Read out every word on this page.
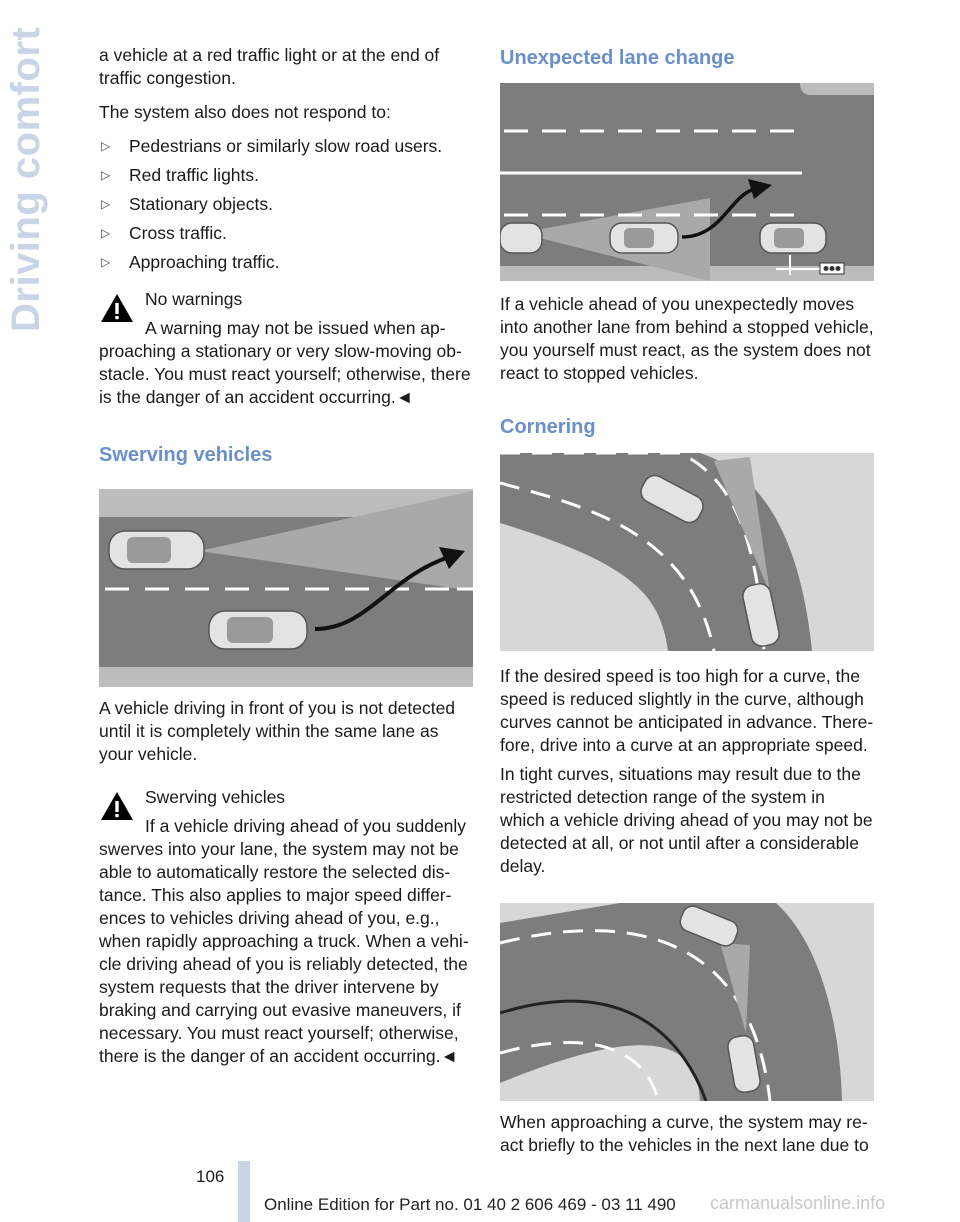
Driving comfort	a vehicle at a red traffic light or at the end of traffic congestion.

The system also does not respond to:

▷ Pedestrians or similarly slow road users.
▷ Red traffic lights.
▷ Stationary objects.
▷ Cross traffic.
▷ Approaching traffic.

No warnings

A warning may not be issued when approaching a stationary or very slow-moving obstacle. You must react yourself; otherwise, there is the danger of an accident occurring.◄

Swerving vehicles

A vehicle driving in front of you is not detected until it is completely within the same lane as your vehicle.

Swerving vehicles

If a vehicle driving ahead of you suddenly swerves into your lane, the system may not be able to automatically restore the selected distance. This also applies to major speed differences to vehicles driving ahead of you, e.g., when rapidly approaching a truck. When a vehicle driving ahead of you is reliably detected, the system requests that the driver intervene by braking and carrying out evasive maneuvers, if necessary. You must react yourself; otherwise, there is the danger of an accident occurring.◄

Unexpected lane change

If a vehicle ahead of you unexpectedly moves into another lane from behind a stopped vehicle, you yourself must react, as the system does not react to stopped vehicles.

Cornering

If the desired speed is too high for a curve, the speed is reduced slightly in the curve, although curves cannot be anticipated in advance. Therefore, drive into a curve at an appropriate speed.

In tight curves, situations may result due to the restricted detection range of the system in which a vehicle driving ahead of you may not be detected at all, or not until after a considerable delay.

When approaching a curve, the system may react briefly to the vehicles in the next lane due to

106
Online Edition for Part no. 01 40 2 606 469 - 03 11 490 carmanualsonline.info
